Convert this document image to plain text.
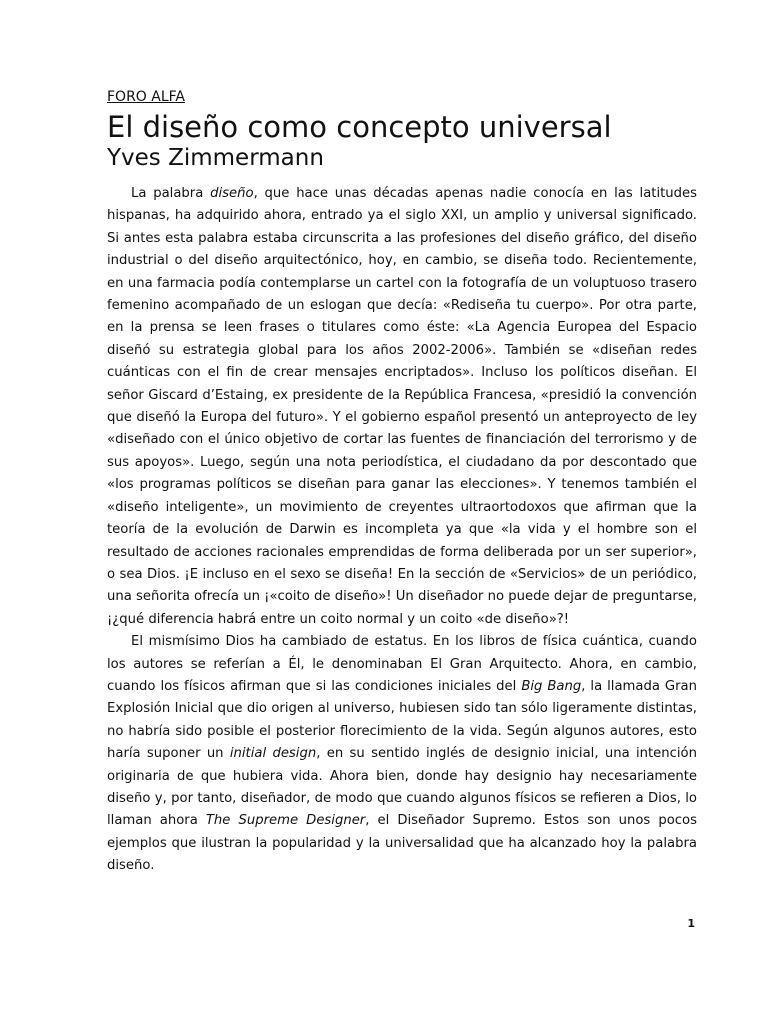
FORO ALFA
El diseño como concepto universal
Yves Zimmermann

La palabra diseño, que hace unas décadas apenas nadie conocía en las latitudes hispanas, ha adquirido ahora, entrado ya el siglo XXI, un amplio y universal significado. Si antes esta palabra estaba circunscrita a las profesiones del diseño gráfico, del diseño industrial o del diseño arquitectónico, hoy, en cambio, se diseña todo. Recientemente, en una farmacia podía contemplarse un cartel con la fotografía de un voluptuoso trasero femenino acompañado de un eslogan que decía: «Rediseña tu cuerpo». Por otra parte, en la prensa se leen frases o titulares como éste: «La Agencia Europea del Espacio diseñó su estrategia global para los años 2002-2006». También se «diseñan redes cuánticas con el fin de crear mensajes encriptados». Incluso los políticos diseñan. El señor Giscard d’Estaing, ex presidente de la República Francesa, «presidió la convención que diseñó la Europa del futuro». Y el gobierno español presentó un anteproyecto de ley «diseñado con el único objetivo de cortar las fuentes de financiación del terrorismo y de sus apoyos». Luego, según una nota periodística, el ciudadano da por descontado que «los programas políticos se diseñan para ganar las elecciones». Y tenemos también el «diseño inteligente», un movimiento de creyentes ultraortodoxos que afirman que la teoría de la evolución de Darwin es incompleta ya que «la vida y el hombre son el resultado de acciones racionales emprendidas de forma deliberada por un ser superior», o sea Dios. ¡E incluso en el sexo se diseña! En la sección de «Servicios» de un periódico, una señorita ofrecía un ¡«coito de diseño»! Un diseñador no puede dejar de preguntarse, ¡¿qué diferencia habrá entre un coito normal y un coito «de diseño»?!

El mismísimo Dios ha cambiado de estatus. En los libros de física cuántica, cuando los autores se referían a Él, le denominaban El Gran Arquitecto. Ahora, en cambio, cuando los físicos afirman que si las condiciones iniciales del Big Bang, la llamada Gran Explosión Inicial que dio origen al universo, hubiesen sido tan sólo ligeramente distintas, no habría sido posible el posterior florecimiento de la vida. Según algunos autores, esto haría suponer un initial design, en su sentido inglés de designio inicial, una intención originaria de que hubiera vida. Ahora bien, donde hay designio hay necesariamente diseño y, por tanto, diseñador, de modo que cuando algunos físicos se refieren a Dios, lo llaman ahora The Supreme Designer, el Diseñador Supremo. Estos son unos pocos ejemplos que ilustran la popularidad y la universalidad que ha alcanzado hoy la palabra diseño.

1
